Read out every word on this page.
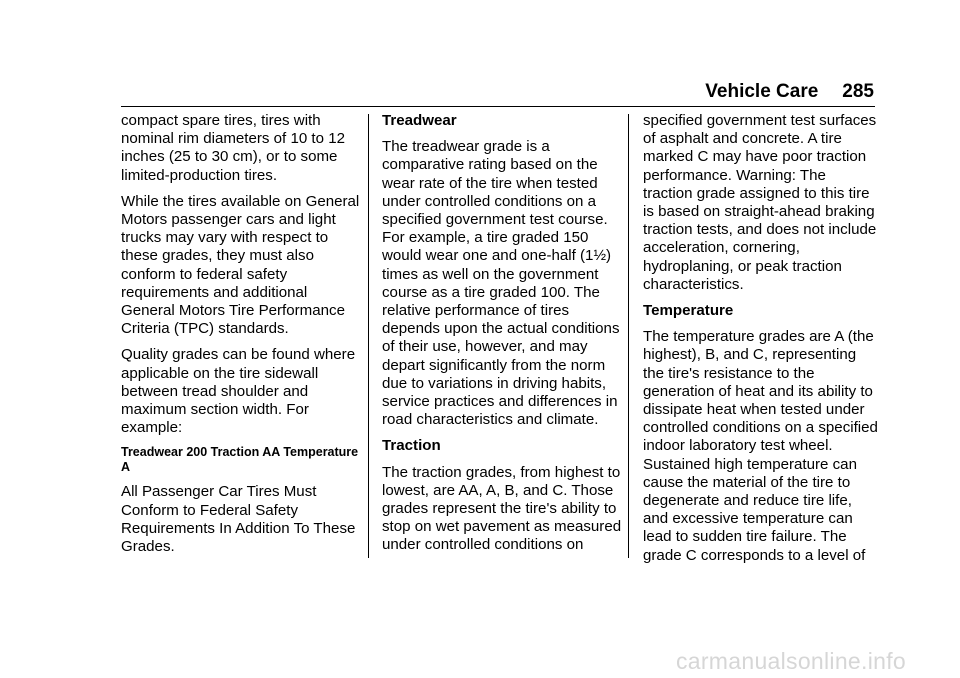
Vehicle Care 285

compact spare tires, tires with nominal rim diameters of 10 to 12 inches (25 to 30 cm), or to some limited-production tires.

While the tires available on General Motors passenger cars and light trucks may vary with respect to these grades, they must also conform to federal safety requirements and additional General Motors Tire Performance Criteria (TPC) standards.

Quality grades can be found where applicable on the tire sidewall between tread shoulder and maximum section width. For example:

Treadwear 200 Traction AA Temperature A

All Passenger Car Tires Must Conform to Federal Safety Requirements In Addition To These Grades.

Treadwear

The treadwear grade is a comparative rating based on the wear rate of the tire when tested under controlled conditions on a specified government test course. For example, a tire graded 150 would wear one and one-half (1½) times as well on the government course as a tire graded 100. The relative performance of tires depends upon the actual conditions of their use, however, and may depart significantly from the norm due to variations in driving habits, service practices and differences in road characteristics and climate.

Traction

The traction grades, from highest to lowest, are AA, A, B, and C. Those grades represent the tire's ability to stop on wet pavement as measured under controlled conditions on

specified government test surfaces of asphalt and concrete. A tire marked C may have poor traction performance. Warning: The traction grade assigned to this tire is based on straight-ahead braking traction tests, and does not include acceleration, cornering, hydroplaning, or peak traction characteristics.

Temperature

The temperature grades are A (the highest), B, and C, representing the tire's resistance to the generation of heat and its ability to dissipate heat when tested under controlled conditions on a specified indoor laboratory test wheel. Sustained high temperature can cause the material of the tire to degenerate and reduce tire life, and excessive temperature can lead to sudden tire failure. The grade C corresponds to a level of

carmanualsonline.info
